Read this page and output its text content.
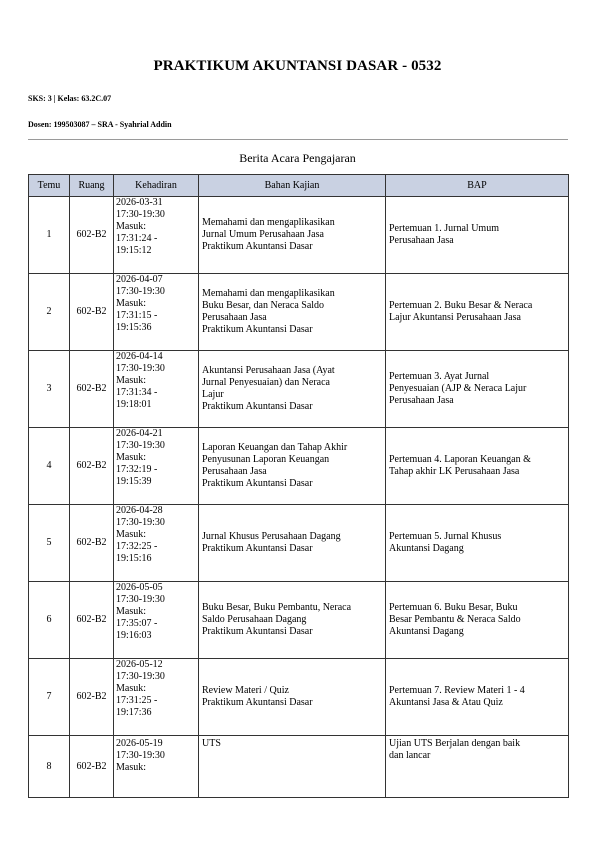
PRAKTIKUM AKUNTANSI DASAR - 0532
SKS: 3 | Kelas: 63.2C.07
Dosen: 199503087 – SRA - Syahrial Addin
Berita Acara Pengajaran
Temu	Ruang	Kehadiran	Bahan Kajian	BAP
1	602-B2	2026-03-31
17:30-19:30
Masuk:
17:31:24 -
19:15:12	Memahami dan mengaplikasikan
Jurnal Umum Perusahaan Jasa
Praktikum Akuntansi Dasar	Pertemuan 1. Jurnal Umum
Perusahaan Jasa

2	602-B2	2026-04-07
17:30-19:30
Masuk:
17:31:15 -
19:15:36	Memahami dan mengaplikasikan
Buku Besar, dan Neraca Saldo
Perusahaan Jasa
Praktikum Akuntansi Dasar	Pertemuan 2. Buku Besar & Neraca
Lajur Akuntansi Perusahaan Jasa

3	602-B2	2026-04-14
17:30-19:30
Masuk:
17:31:34 -
19:18:01	Akuntansi Perusahaan Jasa (Ayat
Jurnal Penyesuaian) dan Neraca
Lajur
Praktikum Akuntansi Dasar	Pertemuan 3. Ayat Jurnal
Penyesuaian (AJP & Neraca Lajur
Perusahaan Jasa

4	602-B2	2026-04-21
17:30-19:30
Masuk:
17:32:19 -
19:15:39	Laporan Keuangan dan Tahap Akhir
Penyusunan Laporan Keuangan
Perusahaan Jasa
Praktikum Akuntansi Dasar	Pertemuan 4. Laporan Keuangan &
Tahap akhir LK Perusahaan Jasa

5	602-B2	2026-04-28
17:30-19:30
Masuk:
17:32:25 -
19:15:16	Jurnal Khusus Perusahaan Dagang
Praktikum Akuntansi Dasar	Pertemuan 5. Jurnal Khusus
Akuntansi Dagang

6	602-B2	2026-05-05
17:30-19:30
Masuk:
17:35:07 -
19:16:03	Buku Besar, Buku Pembantu, Neraca
Saldo Perusahaan Dagang
Praktikum Akuntansi Dasar	Pertemuan 6. Buku Besar, Buku
Besar Pembantu & Neraca Saldo
Akuntansi Dagang

7	602-B2	2026-05-12
17:30-19:30
Masuk:
17:31:25 -
19:17:36	Review Materi / Quiz
Praktikum Akuntansi Dasar	Pertemuan 7. Review Materi 1 - 4
Akuntansi Jasa & Atau Quiz

8	602-B2	2026-05-19
17:30-19:30
Masuk:	UTS	Ujian UTS Berjalan dengan baik
dan lancar
